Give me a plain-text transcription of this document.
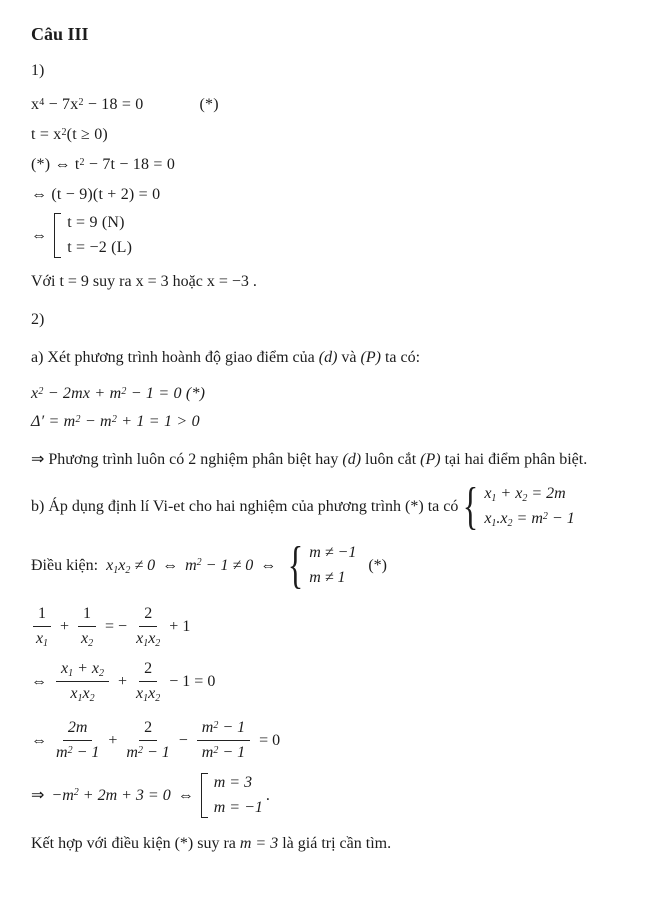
Câu III
1)
$x^4 - 7x^2 - 18 = 0$	(*)
$t = x^2(t \ge 0)$
(*) ⇔ $t^2 - 7t - 18 = 0$
⇔ (t − 9)(t + 2) = 0
⇔
t = 9 (N)
t = −2 (L)
Với t = 9 suy ra x = 3 hoặc x = −3 .
2)
a) Xét phương trình hoành độ giao điểm của (d) và (P) ta có:
$x^2 - 2mx + m^2 - 1 = 0$ (*)
$\Delta' = m^2 - m^2 + 1 = 1 > 0$
⇒ Phương trình luôn có 2 nghiệm phân biệt hay (d) luôn cắt (P) tại hai điểm phân biệt.
b) Áp dụng định lí Vi-et cho hai nghiệm của phương trình (*) ta có { $x_1 + x_2 = 2m$
$x_1.x_2 = m^2 - 1$
Điều kiện: $x_1x_2 \ne 0$ ⇔ $m^2 - 1 \ne 0$ ⇔ { m ≠ −1
m ≠ 1
(*)
$\frac{1}{x_1} + \frac{1}{x_2}$ = − $\frac{2}{x_1x_2} + 1$
⇔ $\frac{x_1 + x_2}{x_1x_2} + \frac{2}{x_1x_2} - 1 = 0$
⇔ $\frac{2m}{m^2 - 1} + \frac{2}{m^2 - 1} - \frac{m^2 - 1}{m^2 - 1} = 0$
⇒ $-m^2 + 2m + 3 = 0$ ⇔
m = 3
m = −1
.
Kết hợp với điều kiện (*) suy ra m = 3 là giá trị cần tìm.
